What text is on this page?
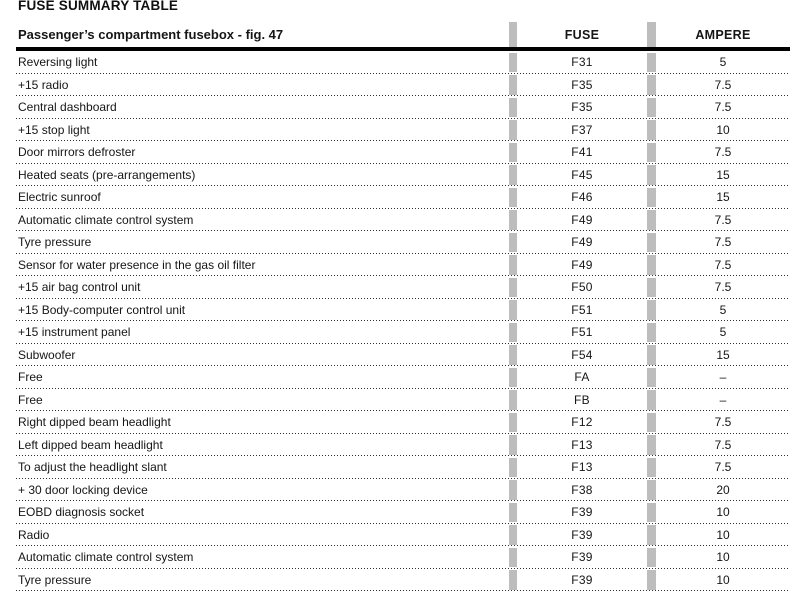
FUSE SUMMARY TABLE
Passenger’s compartment fusebox - fig. 47	FUSE	AMPERE
Reversing light	F31	5
+15 radio	F35	7.5
Central dashboard	F35	7.5
+15 stop light	F37	10
Door mirrors defroster	F41	7.5
Heated seats (pre-arrangements)	F45	15
Electric sunroof	F46	15
Automatic climate control system	F49	7.5
Tyre pressure	F49	7.5
Sensor for water presence in the gas oil filter	F49	7.5
+15 air bag control unit	F50	7.5
+15 Body-computer control unit	F51	5
+15 instrument panel	F51	5
Subwoofer	F54	15
Free	FA	–
Free	FB	–
Right dipped beam headlight	F12	7.5
Left dipped beam headlight	F13	7.5
To adjust the headlight slant	F13	7.5
+ 30 door locking device	F38	20
EOBD diagnosis socket	F39	10
Radio	F39	10
Automatic climate control system	F39	10
Tyre pressure	F39	10
